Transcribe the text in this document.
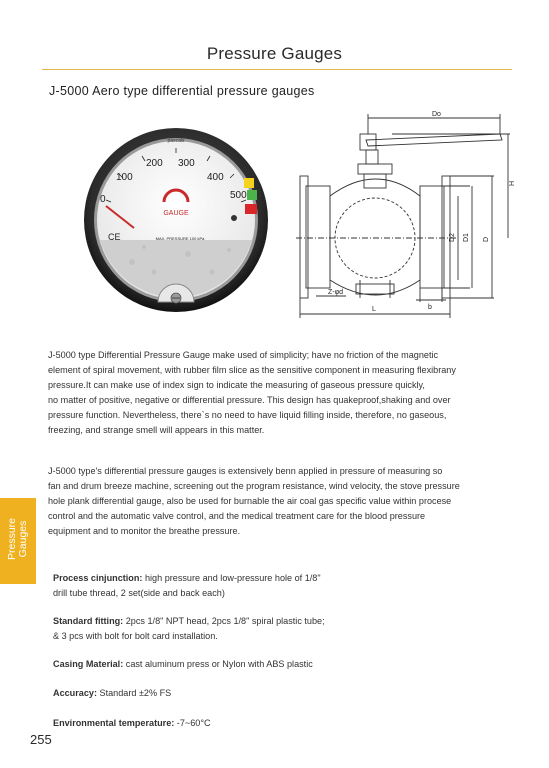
Pressure Gauges
J-5000 Aero type differential pressure gauges
pascals
0
100
200 300
400
500
GAUGE
CE	MAX. PRESSURE 100 kPa
Do
H
D2 D1 D
Z-φd
b
L
J-5000 type Differential Pressure Gauge make used of simplicity; have no friction of the magnetic
element of spiral movement, with rubber film slice as the sensitive component in measuring flexibrany
pressure.It can make use of index sign to indicate the measuring of gaseous pressure quickly,
no matter of positive, negative or differential pressure. This design has quakeproof,shaking and over
pressure function. Nevertheless, there`s no need to have liquid filling inside, therefore, no gaseous,
freezing, and strange smell will appears in this matter.
J-5000 type's differential pressure gauges is extensively benn applied in pressure of measuring so
fan and drum breeze machine, screening out the program resistance, wind velocity, the stove pressure
hole plank differential gauge, also be used for burnable the air coal gas specific value within procese
control and the automatic valve control, and the medical treatment care for the blood pressure
equipment and to monitor the breathe pressure.
Pressure Gauges
Process cinjunction: high pressure and low-pressure hole of 1/8"
drill tube thread, 2 set(side and back each)
Standard fitting: 2pcs 1/8" NPT head, 2pcs 1/8" spiral plastic tube;
& 3 pcs with bolt for bolt card installation.
Casing Material: cast aluminum press or Nylon with ABS plastic
Accuracy: Standard ±2% FS
Environmental temperature: -7~60°C
255
